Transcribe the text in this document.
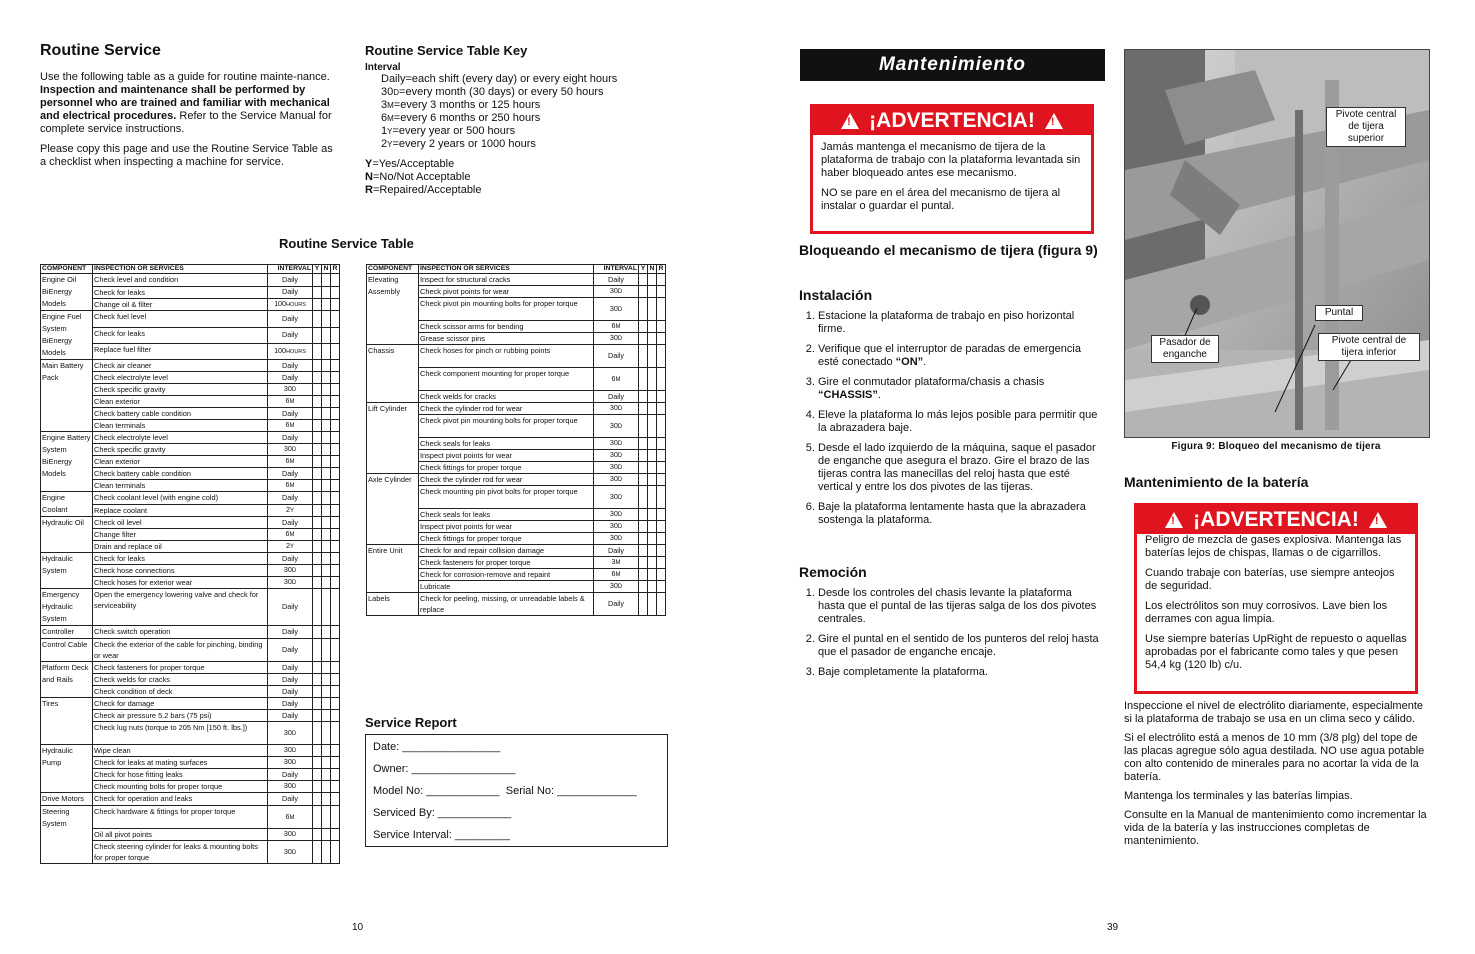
Routine Service

Use the following table as a guide for routine mainte-nance. Inspection and maintenance shall be performed by personnel who are trained and familiar with mechanical and electrical procedures. Refer to the Service Manual for complete service instructions.

Please copy this page and use the Routine Service Table as a checklist when inspecting a machine for service.

Routine Service Table Key
Interval
Daily=each shift (every day) or every eight hours
30D=every month (30 days) or every 50 hours
3M=every 3 months or 125 hours
6M=every 6 months or 250 hours
1Y=every year or 500 hours
2Y=every 2 years or 1000 hours
Y=Yes/Acceptable
N=No/Not Acceptable
R=Repaired/Acceptable
Routine Service Table
COMPONENT	INSPECTION OR SERVICES	INTERVAL	Y	N	R
Engine Oil BiEnergy Models	Check level and condition	Daily			
	Check for leaks	Daily			
	Change oil & filter	100HOURS			
Engine Fuel System BiEnergy Models	Check fuel level	Daily			
	Check for leaks	Daily			
	Replace fuel filter	100HOURS			
Main Battery Pack	Check air cleaner	Daily			
	Check electrolyte level	Daily			
	Check specific gravity	30D			
	Clean exterior	6M			
	Check battery cable condition	Daily			
	Clean terminals	6M			
Engine Battery System BiEnergy Models	Check electrolyte level	Daily			
	Check specific gravity	30D			
	Clean exterior	6M			
	Check battery cable condition	Daily			
	Clean terminals	6M			
Engine Coolant	Check coolant level (with engine cold)	Daily			
	Replace coolant	2Y			
Hydraulic Oil	Check oil level	Daily			
	Change filter	6M			
	Drain and replace oil	2Y			
Hydraulic System	Check for leaks	Daily			
	Check hose connections	30D			
	Check hoses for exterior wear	30D			
Emergency Hydraulic System	Open the emergency lowering valve and check for serviceability	Daily			
Controller	Check switch operation	Daily			
Control Cable	Check the exterior of the cable for pinching, binding or wear	Daily			
Platform Deck and Rails	Check fasteners for proper torque	Daily			
	Check welds for cracks	Daily			
	Check condition of deck	Daily			
Tires	Check for damage	Daily			
	Check air pressure 5.2 bars (75 psi)	Daily			
	Check lug nuts (torque to 205 Nm [150 ft. lbs.])	30D			
Hydraulic Pump	Wipe clean	30D			
	Check for leaks at mating surfaces	30D			
	Check for hose fitting leaks	Daily			
	Check mounting bolts for proper torque	30D			
Drive Motors	Check for operation and leaks	Daily			
Steering System	Check hardware & fittings for proper torque	6M			
	Oil all pivot points	30D			
	Check steering cylinder for leaks & mounting bolts for proper torque	30D			
COMPONENT	INSPECTION OR SERVICES	INTERVAL	Y	N	R
Elevating Assembly	Inspect for structural cracks	Daily			
	Check pivot points for wear	30D			
	Check pivot pin mounting bolts for proper torque	30D			
	Check scissor arms for bending	6M			
	Grease scissor pins	30D			
Chassis	Check hoses for pinch or rubbing points	Daily			
	Check component mounting for proper torque	6M			
	Check welds for cracks	Daily			
Lift Cylinder	Check the cylinder rod for wear	30D			
	Check pivot pin mounting bolts for proper torque	30D			
	Check seals for leaks	30D			
	Inspect pivot points for wear	30D			
	Check fittings for proper torque	30D			
Axle Cylinder	Check the cylinder rod for wear	30D			
	Check mounting pin pivot bolts for proper torque	30D			
	Check seals for leaks	30D			
	Inspect pivot points for wear	30D			
	Check fittings for proper torque	30D			
Entire Unit	Check for and repair collision damage	Daily			
	Check fasteners for proper torque	3M			
	Check for corrosion-remove and repaint	6M			
	Lubricate	30D			
Labels	Check for peeling, missing, or unreadable labels & replace	Daily			
Service Report
Date: ________________
Owner: _________________
Model No: ____________ Serial No: _____________
Serviced By: ____________
Service Interval: _________
10
Mantenimiento
! ¡ADVERTENCIA! !

Jamás mantenga el mecanismo de tijera de la plataforma de trabajo con la plataforma levantada sin haber bloqueado antes ese mecanismo.

NO se pare en el área del mecanismo de tijera al instalar o guardar el puntal.

Bloqueando el mecanismo de tijera (figura 9)
Instalación
1. Estacione la plataforma de trabajo en piso horizontal firme.
2. Verifique que el interruptor de paradas de emergencia esté conectado “ON”.
3. Gire el conmutador plataforma/chasis a chasis “CHASSIS”.
4. Eleve la plataforma lo más lejos posible para permitir que la abrazadera baje.
5. Desde el lado izquierdo de la máquina, saque el pasador de enganche que asegura el brazo. Gire el brazo de las tijeras contra las manecillas del reloj hasta que esté vertical y entre los dos pivotes de las tijeras.
6. Baje la plataforma lentamente hasta que la abrazadera sostenga la plataforma.
Remoción
1. Desde los controles del chasis levante la plataforma hasta que el puntal de las tijeras salga de los dos pivotes centrales.
2. Gire el puntal en el sentido de los punteros del reloj hasta que el pasador de enganche encaje.
3. Baje completamente la plataforma.
Pivote central de tijera superior
Puntal
Pasador de enganche
Pivote central de tijera inferior
Figura 9: Bloqueo del mecanismo de tijera
Mantenimiento de la batería
! ¡ADVERTENCIA! !

Peligro de mezcla de gases explosiva. Mantenga las baterías lejos de chispas, llamas o de cigarrillos.

Cuando trabaje con baterías, use siempre anteojos de seguridad.

Los electrólitos son muy corrosivos. Lave bien los derrames con agua limpia.

Use siempre baterías UpRight de repuesto o aquellas aprobadas por el fabricante como tales y que pesen 54,4 kg (120 lb) c/u.

Inspeccione el nivel de electrólito diariamente, especialmente si la plataforma de trabajo se usa en un clima seco y cálido.

Si el electrólito está a menos de 10 mm (3/8 plg) del tope de las placas agregue sólo agua destilada. NO use agua potable con alto contenido de minerales para no acortar la vida de la batería.

Mantenga los terminales y las baterías limpias.

Consulte en la Manual de mantenimiento como incrementar la vida de la batería y las instrucciones completas de mantenimiento.

39
